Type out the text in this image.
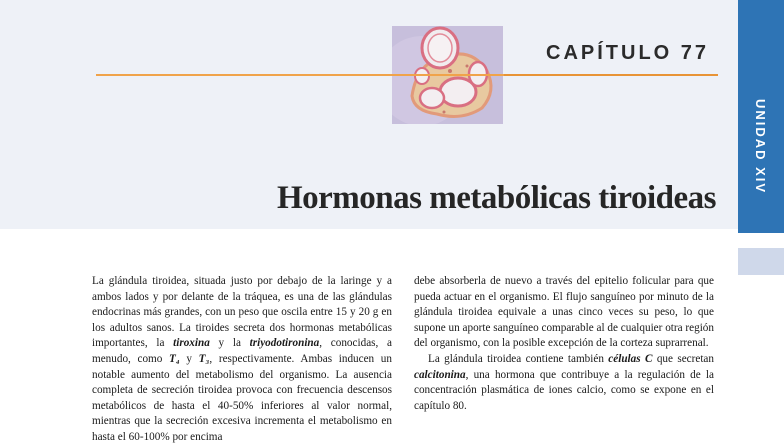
CAPÍTULO 77
Hormonas metabólicas tiroideas
UNIDAD XIV

La glándula tiroidea, situada justo por debajo de la laringe y a ambos lados y por delante de la tráquea, es una de las glándulas endocrinas más grandes, con un peso que oscila entre 15 y 20 g en los adultos sanos. La tiroides secreta dos hormonas metabólicas importantes, la tiroxina y la triyodotironina, conocidas, a menudo, como T₄ y T₃, respectivamente. Ambas inducen un notable aumento del metabolismo del organismo. La ausencia completa de secreción tiroidea provoca con frecuencia descensos metabólicos de hasta el 40-50% inferiores al valor normal, mientras que la secreción excesiva incrementa el metabolismo en hasta el 60-100% por encima

debe absorberla de nuevo a través del epitelio folicular para que pueda actuar en el organismo. El flujo sanguíneo por minuto de la glándula tiroidea equivale a unas cinco veces su peso, lo que supone un aporte sanguíneo comparable al de cualquier otra región del organismo, con la posible excepción de la corteza suprarrenal.

La glándula tiroidea contiene también células C que secretan calcitonina, una hormona que contribuye a la regulación de la concentración plasmática de iones calcio, como se expone en el capítulo 80.
